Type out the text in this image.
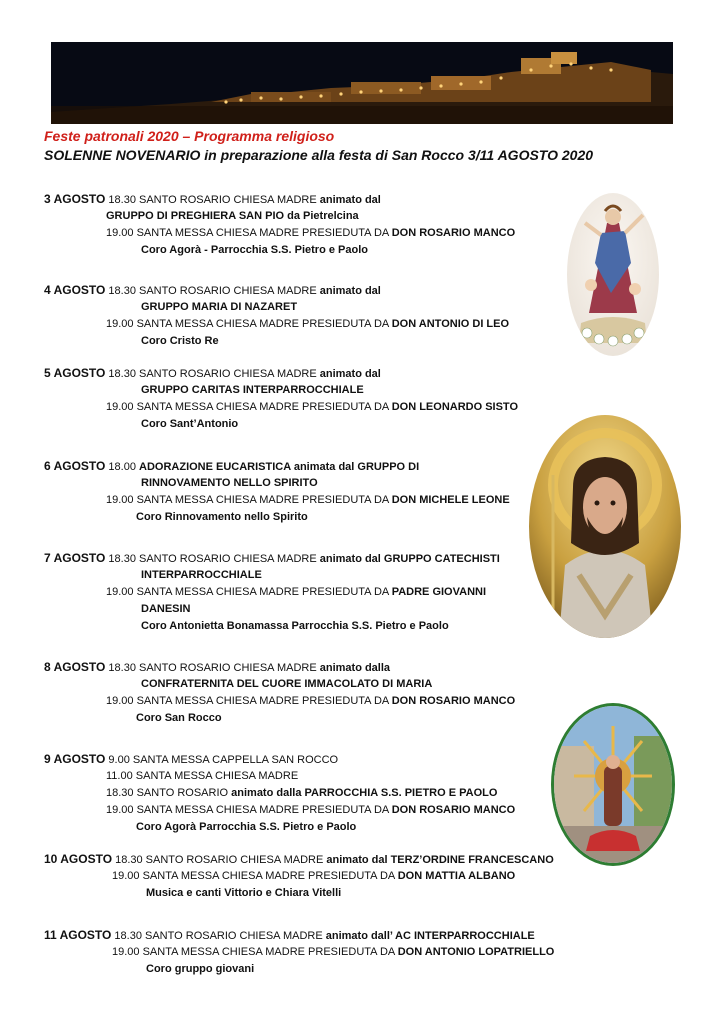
Feste patronali 2020 – Programma religioso
SOLENNE NOVENARIO in preparazione alla festa di San Rocco 3/11 AGOSTO 2020
3 AGOSTO 18.30 SANTO ROSARIO CHIESA MADRE animato dal
GRUPPO DI PREGHIERA SAN PIO da Pietrelcina
19.00 SANTA MESSA CHIESA MADRE PRESIEDUTA DA DON ROSARIO MANCO
Coro Agorà - Parrocchia S.S. Pietro e Paolo
4 AGOSTO 18.30 SANTO ROSARIO CHIESA MADRE animato dal
GRUPPO MARIA DI NAZARET
19.00 SANTA MESSA CHIESA MADRE PRESIEDUTA DA DON ANTONIO DI LEO
Coro Cristo Re
5 AGOSTO 18.30 SANTO ROSARIO CHIESA MADRE animato dal
GRUPPO CARITAS INTERPARROCCHIALE
19.00 SANTA MESSA CHIESA MADRE PRESIEDUTA DA DON LEONARDO SISTO
Coro Sant’Antonio
6 AGOSTO 18.00 ADORAZIONE EUCARISTICA animata dal GRUPPO DI
RINNOVAMENTO NELLO SPIRITO
19.00 SANTA MESSA CHIESA MADRE PRESIEDUTA DA DON MICHELE LEONE
Coro Rinnovamento nello Spirito
7 AGOSTO 18.30 SANTO ROSARIO CHIESA MADRE animato dal GRUPPO CATECHISTI
INTERPARROCCHIALE
19.00 SANTA MESSA CHIESA MADRE PRESIEDUTA DA PADRE GIOVANNI
DANESIN
Coro Antonietta Bonamassa Parrocchia S.S. Pietro e Paolo
8 AGOSTO 18.30 SANTO ROSARIO CHIESA MADRE animato dalla
CONFRATERNITA DEL CUORE IMMACOLATO DI MARIA
19.00 SANTA MESSA CHIESA MADRE PRESIEDUTA DA DON ROSARIO MANCO
Coro San Rocco
9 AGOSTO 9.00 SANTA MESSA CAPPELLA SAN ROCCO
11.00 SANTA MESSA CHIESA MADRE
18.30 SANTO ROSARIO animato dalla PARROCCHIA S.S. PIETRO E PAOLO
19.00 SANTA MESSA CHIESA MADRE PRESIEDUTA DA DON ROSARIO MANCO
Coro Agorà Parrocchia S.S. Pietro e Paolo
10 AGOSTO 18.30 SANTO ROSARIO CHIESA MADRE animato dal TERZ’ORDINE FRANCESCANO
19.00 SANTA MESSA CHIESA MADRE PRESIEDUTA DA DON MATTIA ALBANO
Musica e canti Vittorio e Chiara Vitelli
11 AGOSTO 18.30 SANTO ROSARIO CHIESA MADRE animato dall’ AC INTERPARROCCHIALE
19.00 SANTA MESSA CHIESA MADRE PRESIEDUTA DA DON ANTONIO LOPATRIELLO
Coro gruppo giovani
